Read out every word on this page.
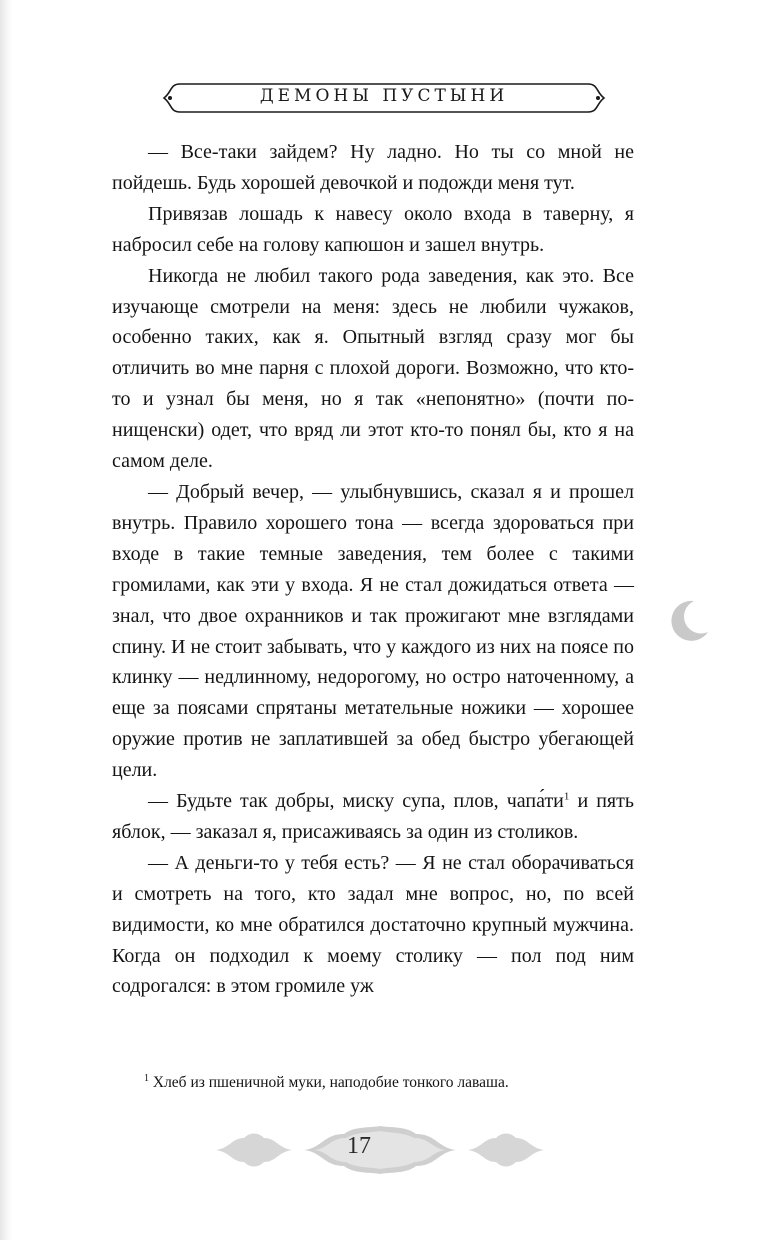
ДЕМОНЫ ПУСТЫНИ

— Все-таки зайдем? Ну ладно. Но ты со мной не пойдешь. Будь хорошей девочкой и подожди меня тут.

Привязав лошадь к навесу около входа в таверну, я набросил себе на голову капюшон и зашел внутрь.

Никогда не любил такого рода заведения, как это. Все изучающе смотрели на меня: здесь не любили чужаков, особенно таких, как я. Опытный взгляд сразу мог бы отличить во мне парня с плохой дороги. Возможно, что кто-то и узнал бы меня, но я так «непонятно» (почти по-нищенски) одет, что вряд ли этот кто-то понял бы, кто я на самом деле.

— Добрый вечер, — улыбнувшись, сказал я и прошел внутрь. Правило хорошего тона — всегда здороваться при входе в такие темные заведения, тем более с такими громилами, как эти у входа. Я не стал дожидаться ответа — знал, что двое охранников и так прожигают мне взглядами спину. И не стоит забывать, что у каждого из них на поясе по клинку — недлинному, недорогому, но остро наточенному, а еще за поясами спрятаны метательные ножики — хорошее оружие против не заплатившей за обед быстро убегающей цели.

— Будьте так добры, миску супа, плов, $чапа́ти^1$ и пять яблок, — заказал я, присаживаясь за один из столиков.

— А деньги-то у тебя есть? — Я не стал оборачиваться и смотреть на того, кто задал мне вопрос, но, по всей видимости, ко мне обратился достаточно крупный мужчина. Когда он подходил к моему столику — пол под ним содрогался: в этом громиле уж

$^1$ Хлеб из пшеничной муки, наподобие тонкого лаваша.
17
